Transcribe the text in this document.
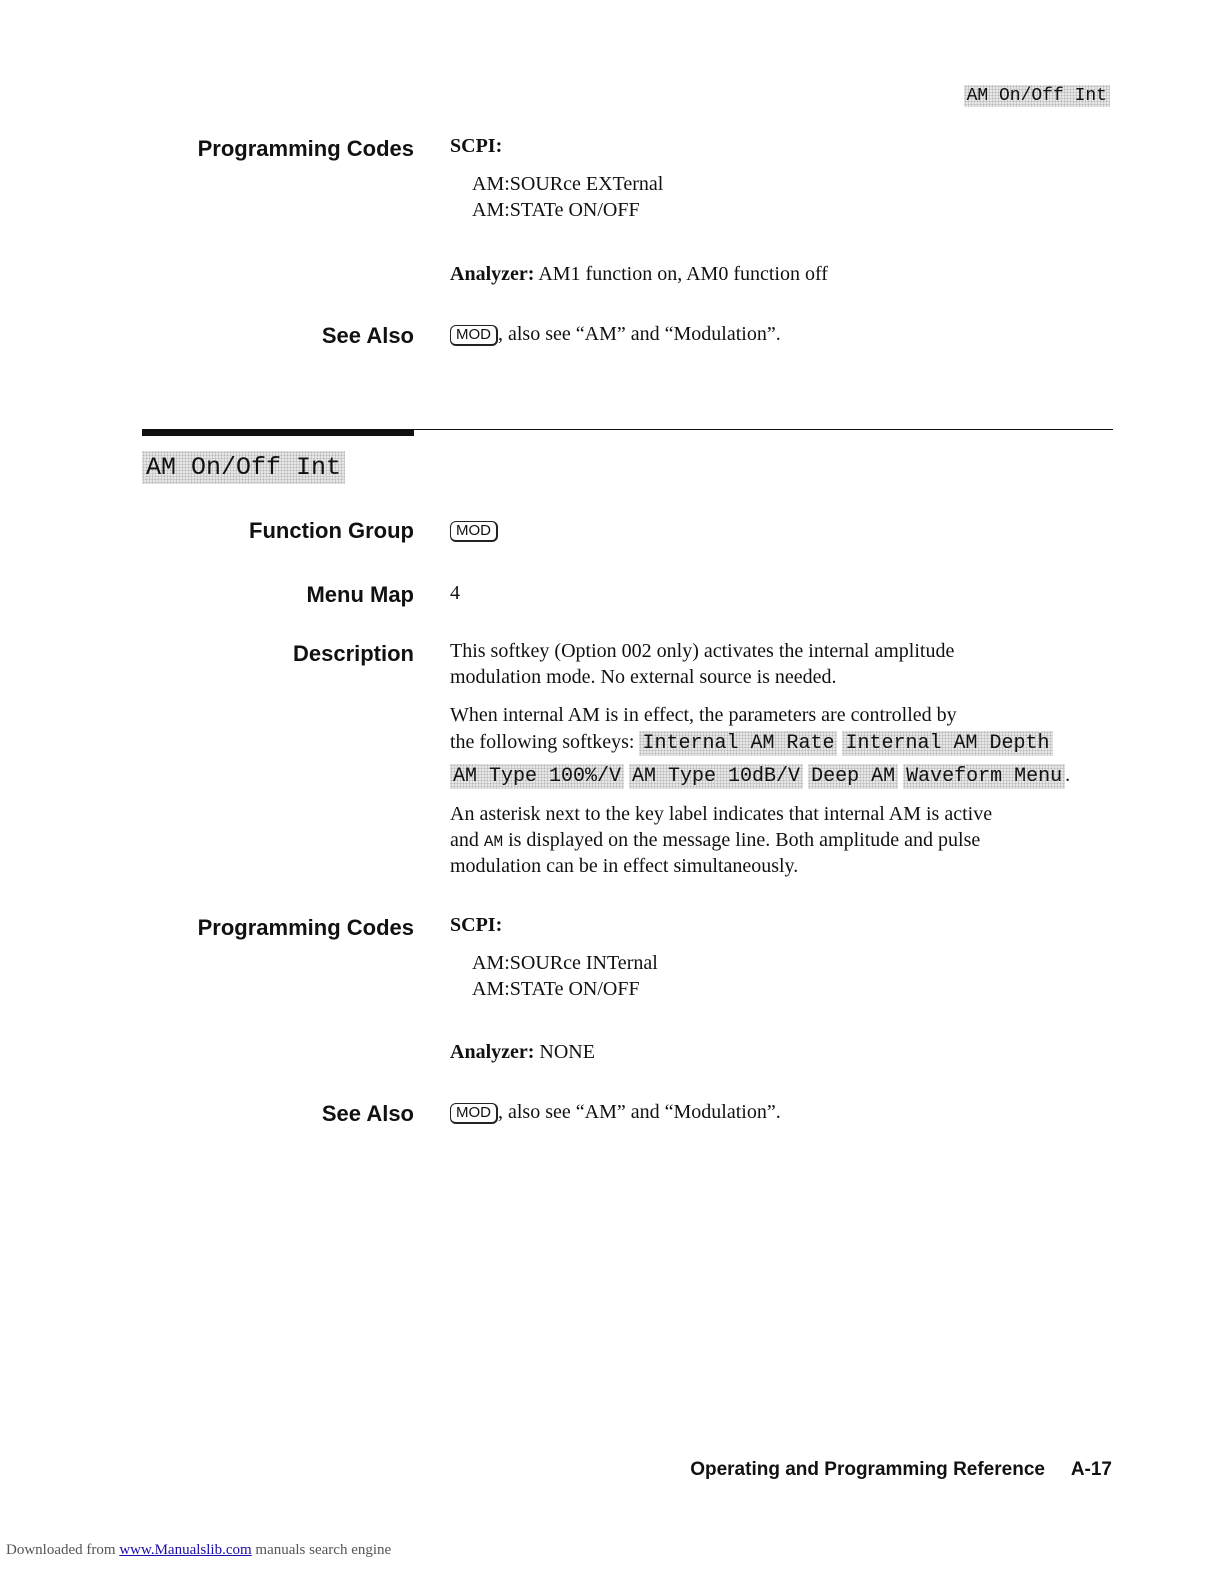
AM On/Off Int
Programming Codes SCPI:
AM:SOURce EXTernal
AM:STATe ON/OFF
Analyzer: AM1 function on, AM0 function off
See Also	MOD , also see “AM” and “Modulation”.
AM On/Off Int
Function Group	MOD
Menu Map 4
Description This softkey (Option 002 only) activates the internal amplitude
modulation mode. No external source is needed.
When internal AM is in effect, the parameters are controlled by
the following softkeys: Internal AM Rate Internal AM Depth
AM Type 100%/V AM Type 10dB/V Deep AM Waveform Menu .
An asterisk next to the key label indicates that internal AM is active
and AM is displayed on the message line. Both amplitude and pulse
modulation can be in effect simultaneously.
Programming Codes SCPI:
AM:SOURce INTernal
AM:STATe ON/OFF
Analyzer: NONE
See Also	MOD , also see “AM” and “Modulation”.
Operating and Programming Reference A-17
Downloaded from www.Manualslib.com manuals search engine
